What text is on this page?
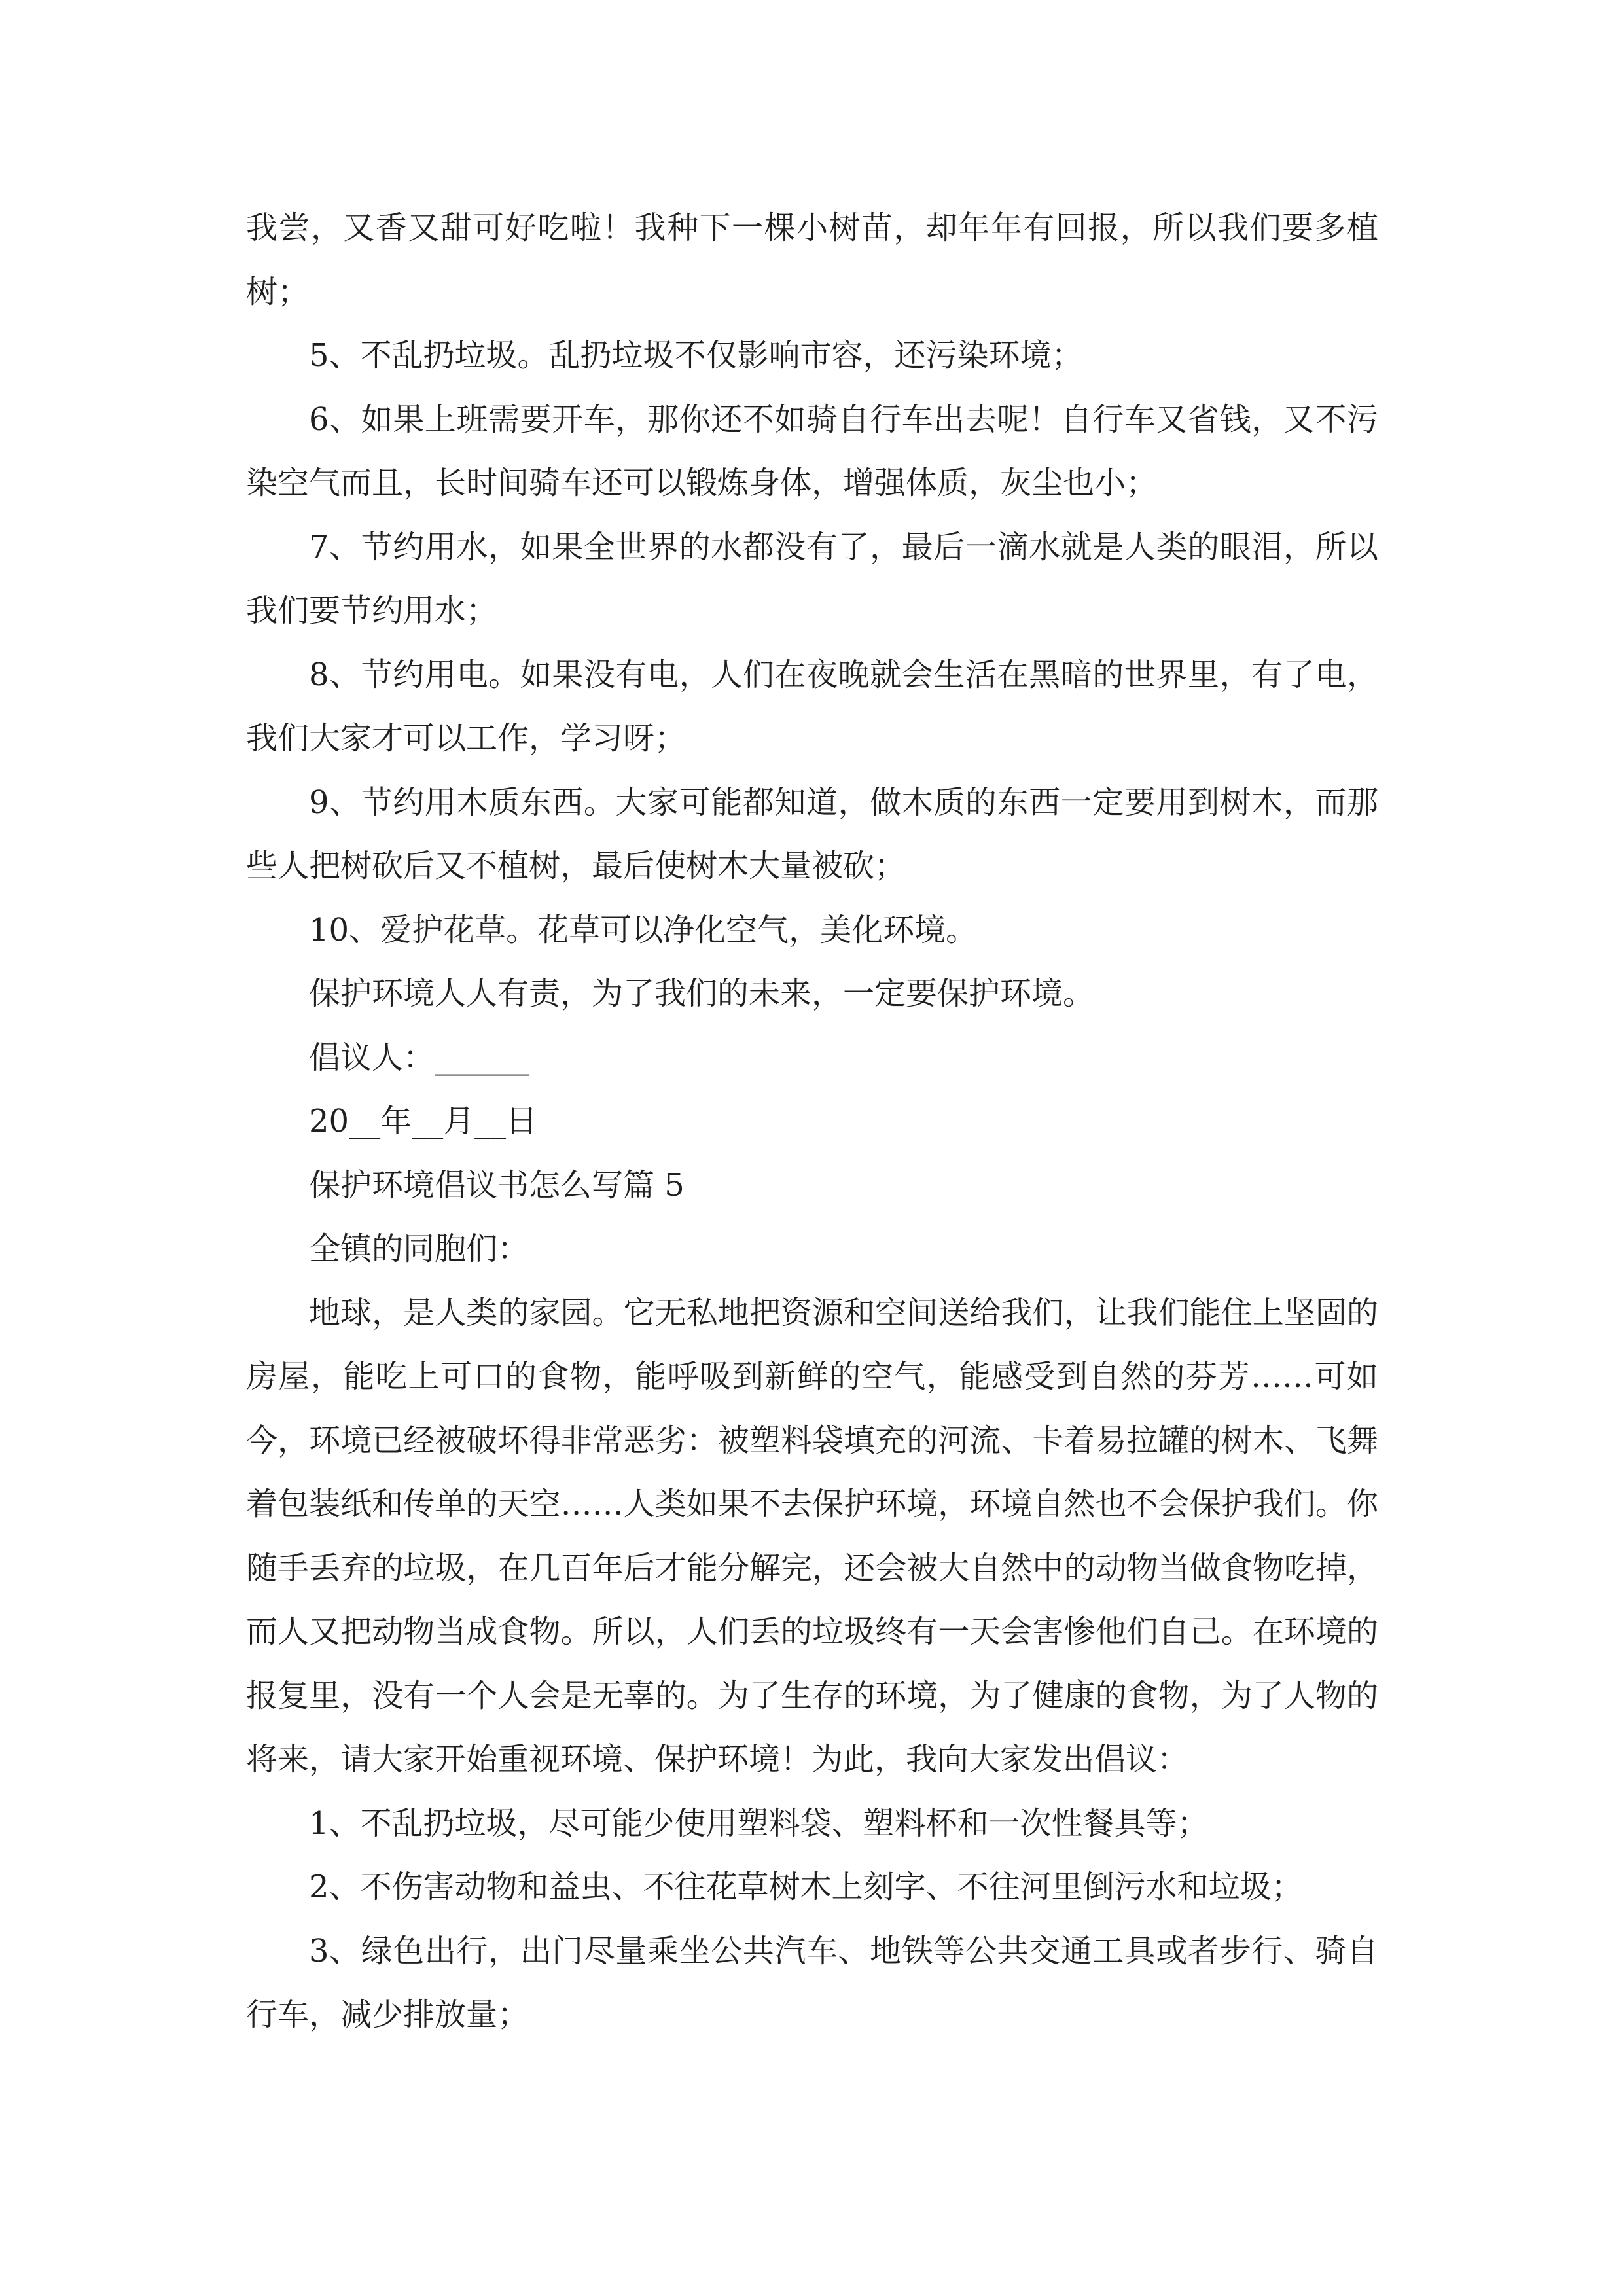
我尝，又香又甜可好吃啦！我种下一棵小树苗，却年年有回报，所以我们要多植树；

5、不乱扔垃圾。乱扔垃圾不仅影响市容，还污染环境；

6、如果上班需要开车，那你还不如骑自行车出去呢！自行车又省钱，又不污染空气而且，长时间骑车还可以锻炼身体，增强体质，灰尘也小；

7、节约用水，如果全世界的水都没有了，最后一滴水就是人类的眼泪，所以我们要节约用水；

8、节约用电。如果没有电，人们在夜晚就会生活在黑暗的世界里，有了电，我们大家才可以工作，学习呀；

9、节约用木质东西。大家可能都知道，做木质的东西一定要用到树木，而那些人把树砍后又不植树，最后使树木大量被砍；

10、爱护花草。花草可以净化空气，美化环境。

保护环境人人有责，为了我们的未来，一定要保护环境。

倡议人：______

20__年__月__日

保护环境倡议书怎么写篇 5

全镇的同胞们：

地球，是人类的家园。它无私地把资源和空间送给我们，让我们能住上坚固的房屋，能吃上可口的食物，能呼吸到新鲜的空气，能感受到自然的芬芳……可如今，环境已经被破坏得非常恶劣：被塑料袋填充的河流、卡着易拉罐的树木、飞舞着包装纸和传单的天空……人类如果不去保护环境，环境自然也不会保护我们。你随手丢弃的垃圾，在几百年后才能分解完，还会被大自然中的动物当做食物吃掉，而人又把动物当成食物。所以，人们丢的垃圾终有一天会害惨他们自己。在环境的报复里，没有一个人会是无辜的。为了生存的环境，为了健康的食物，为了人物的将来，请大家开始重视环境、保护环境！为此，我向大家发出倡议：

1、不乱扔垃圾，尽可能少使用塑料袋、塑料杯和一次性餐具等；

2、不伤害动物和益虫、不往花草树木上刻字、不往河里倒污水和垃圾；

3、绿色出行，出门尽量乘坐公共汽车、地铁等公共交通工具或者步行、骑自行车，减少排放量；
